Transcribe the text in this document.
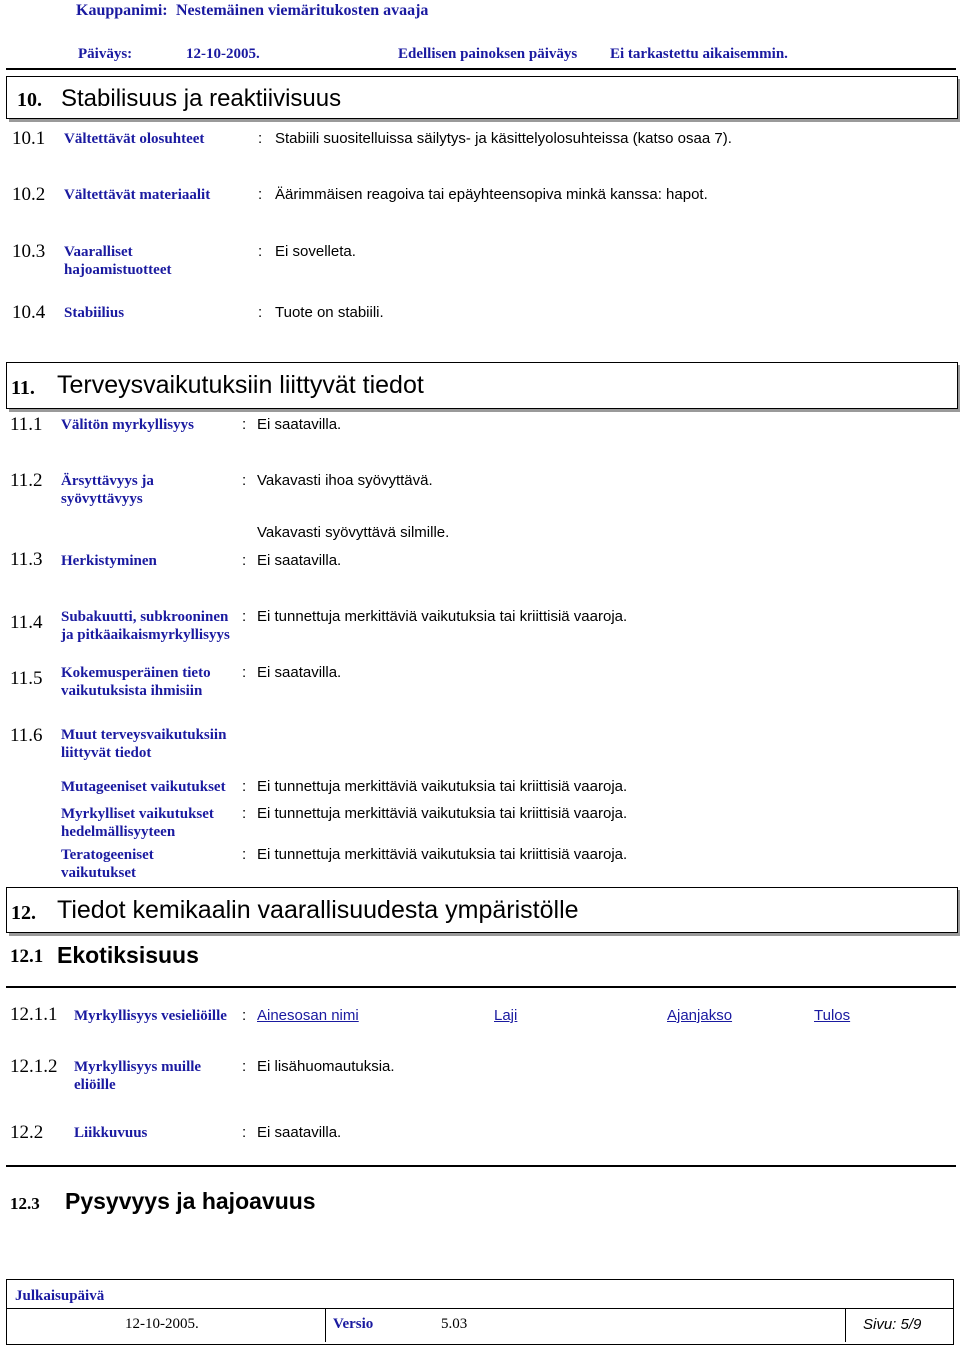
Kauppanimi: Nestemäinen viemäritukosten avaaja
Päiväys:	12-10-2005.	Edellisen painoksen päiväys Ei tarkastettu aikaisemmin.
10. Stabilisuus ja reaktiivisuus
10.1 Vältettävät olosuhteet	: Stabiili suositelluissa säilytys- ja käsittelyolosuhteissa (katso osaa 7).
10.2 Vältettävät materiaalit	: Äärimmäisen reagoiva tai epäyhteensopiva minkä kanssa: hapot.
10.3 Vaaralliset hajoamistuotteet
: Ei sovelleta.
10.4 Stabiilius	: Tuote on stabiili.
11. Terveysvaikutuksiin liittyvät tiedot
11.1 Välitön myrkyllisyys	: Ei saatavilla.
11.2 Ärsyttävyys ja syövyttävyys
: Vakavasti ihoa syövyttävä.
Vakavasti syövyttävä silmille.
11.3 Herkistyminen	: Ei saatavilla.
11.4 Subakuutti, subkrooninen ja pitkäaikaismyrkyllisyys
: Ei tunnettuja merkittäviä vaikutuksia tai kriittisiä vaaroja.
11.5 Kokemusperäinen tieto vaikutuksista ihmisiin
: Ei saatavilla.
11.6 Muut terveysvaikutuksiin liittyvät tiedot
Mutageeniset vaikutukset	: Ei tunnettuja merkittäviä vaikutuksia tai kriittisiä vaaroja.
Myrkylliset vaikutukset hedelmällisyyteen
: Ei tunnettuja merkittäviä vaikutuksia tai kriittisiä vaaroja.
Teratogeeniset vaikutukset
: Ei tunnettuja merkittäviä vaikutuksia tai kriittisiä vaaroja.
12. Tiedot kemikaalin vaarallisuudesta ympäristölle
12.1 Ekotiksisuus
12.1.1 Myrkyllisyys vesieliöille	: Ainesosan nimi	Laji	Ajanjakso	Tulos
12.1.2 Myrkyllisyys muille eliöille
: Ei lisähuomautuksia.
12.2 Liikkuvuus	: Ei saatavilla.
12.3 Pysyvyys ja hajoavuus
Julkaisupäivä
12-10-2005.	Versio	5.03	Sivu: 5/9
